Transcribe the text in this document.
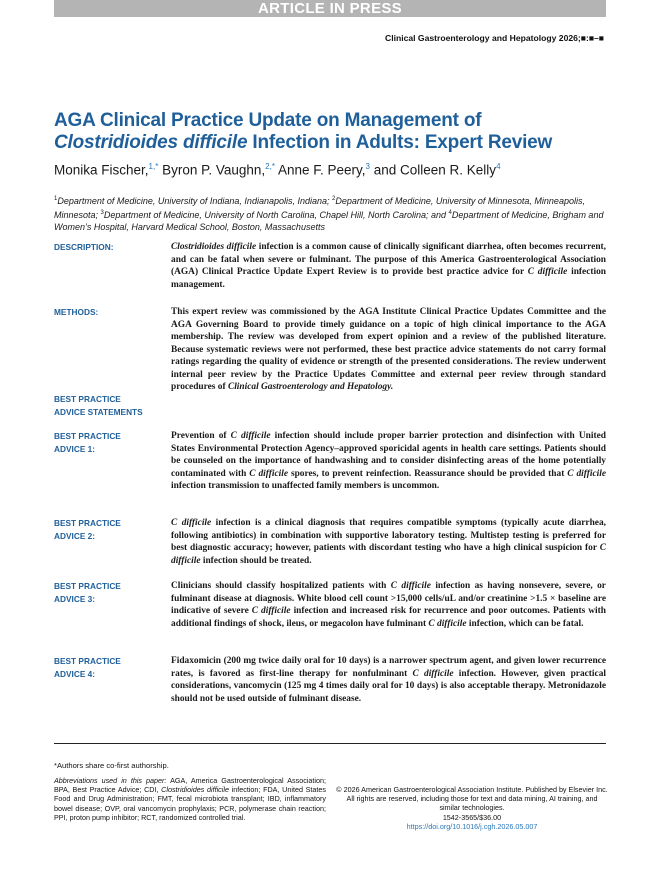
ARTICLE IN PRESS
Clinical Gastroenterology and Hepatology 2026;■:■–■
AGA Clinical Practice Update on Management of
Clostridioides difficile Infection in Adults: Expert Review
Monika Fischer,$^{1,*}$ Byron P. Vaughn,$^{2,*}$ Anne F. Peery,$^3$ and Colleen R. Kelly$^4$
$^1$Department of Medicine, University of Indiana, Indianapolis, Indiana; $^2$Department of Medicine, University of Minnesota, Minneapolis, Minnesota; $^3$Department of Medicine, University of North Carolina, Chapel Hill, North Carolina; and $^4$Department of Medicine, Brigham and Women’s Hospital, Harvard Medical School, Boston, Massachusetts
DESCRIPTION:	Clostridioides difficile infection is a common cause of clinically significant diarrhea, often becomes recurrent, and can be fatal when severe or fulminant. The purpose of this America Gastroenterological Association (AGA) Clinical Practice Update Expert Review is to provide best practice advice for C difficile infection management.

METHODS:	This expert review was commissioned by the AGA Institute Clinical Practice Updates Committee and the AGA Governing Board to provide timely guidance on a topic of high clinical importance to the AGA membership. The review was developed from expert opinion and a review of the published literature. Because systematic reviews were not performed, these best practice advice statements do not carry formal ratings regarding the quality of evidence or strength of the presented considerations. The review underwent internal peer review by the Practice Updates Committee and external peer review through standard procedures of Clinical Gastroenterology and Hepatology.

BEST PRACTICE
ADVICE STATEMENTS
BEST PRACTICE
ADVICE 1:

Prevention of C difficile infection should include proper barrier protection and disinfection with United States Environmental Protection Agency–approved sporicidal agents in health care settings. Patients should be counseled on the importance of handwashing and to consider disinfecting areas of the home potentially contaminated with C difficile spores, to prevent reinfection. Reassurance should be provided that C difficile infection transmission to unaffected family members is uncommon.

BEST PRACTICE
ADVICE 2:

C difficile infection is a clinical diagnosis that requires compatible symptoms (typically acute diarrhea, following antibiotics) in combination with supportive laboratory testing. Multistep testing is preferred for best diagnostic accuracy; however, patients with discordant testing who have a high clinical suspicion for C difficile infection should be treated.

BEST PRACTICE
ADVICE 3:

Clinicians should classify hospitalized patients with C difficile infection as having nonsevere, severe, or fulminant disease at diagnosis. White blood cell count >15,000 cells/uL and/or creatinine >1.5 × baseline are indicative of severe C difficile infection and increased risk for recurrence and poor outcomes. Patients with additional findings of shock, ileus, or megacolon have fulminant C difficile infection, which can be fatal.

BEST PRACTICE
ADVICE 4:

Fidaxomicin (200 mg twice daily oral for 10 days) is a narrower spectrum agent, and given lower recurrence rates, is favored as first-line therapy for nonfulminant C difficile infection. However, given practical considerations, vancomycin (125 mg 4 times daily oral for 10 days) is also acceptable therapy. Metronidazole should not be used outside of fulminant disease.

*Authors share co-first authorship.
Abbreviations used in this paper: AGA, America Gastroenterological Association; BPA, Best Practice Advice; CDI, Clostridioides difficile infection; FDA, United States Food and Drug Administration; FMT, fecal microbiota transplant; IBD, inflammatory bowel disease; OVP, oral vancomycin prophylaxis; PCR, polymerase chain reaction; PPI, proton pump inhibitor; RCT, randomized controlled trial.
© 2026 American Gastroenterological Association Institute. Published by Elsevier Inc. All rights are reserved, including those for text and data mining, AI training, and similar technologies.
1542-3565/$36.00
https://doi.org/10.1016/j.cgh.2026.05.007
